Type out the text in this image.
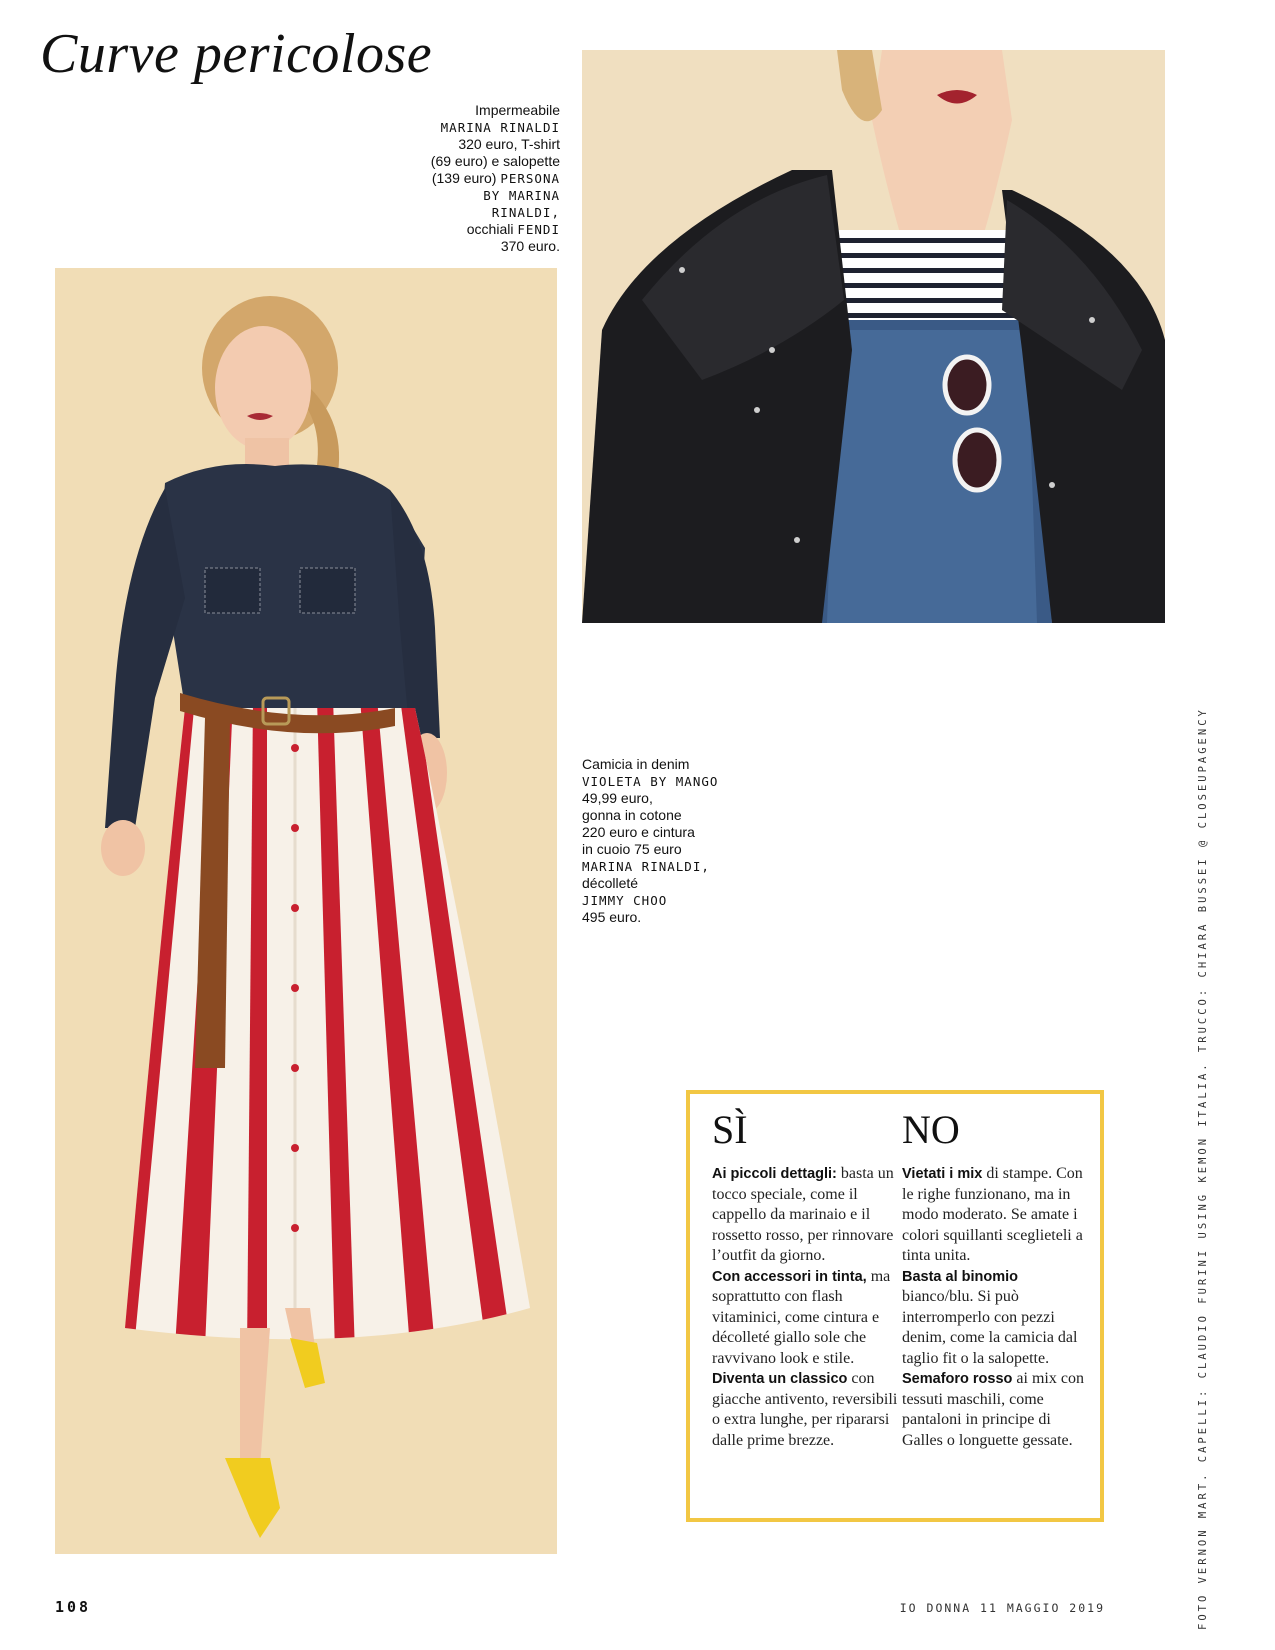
Curve pericolose
Impermeabile
MARINA RINALDI
320 euro, T-shirt
(69 euro) e salopette
(139 euro) PERSONA
BY MARINA RINALDI,
occhiali FENDI
370 euro.
Camicia in denim
VIOLETA BY MANGO
49,99 euro,
gonna in cotone
220 euro e cintura
in cuoio 75 euro
MARINA RINALDI,
décolleté
JIMMY CHOO
495 euro.
SÌ

Ai piccoli dettagli: basta un tocco speciale, come il cappello da marinaio e il rossetto rosso, per rinnovare l’outfit da giorno.
Con accessori in tinta, ma soprattutto con flash vitaminici, come cintura e décolleté giallo sole che ravvivano look e stile.
Diventa un classico con giacche antivento, reversibili o extra lunghe, per ripararsi dalle prime brezze.

NO

Vietati i mix di stampe. Con le righe funzionano, ma in modo moderato. Se amate i colori squillanti sceglieteli a tinta unita.
Basta al binomio bianco/blu. Si può interromperlo con pezzi denim, come la camicia dal taglio fit o la salopette.
Semaforo rosso ai mix con tessuti maschili, come pantaloni in principe di Galles o longuette gessate.

108	IO DONNA 11 MAGGIO 2019	FOTO VERNON MART. CAPELLI: CLAUDIO FURINI USING KEMON ITALIA. TRUCCO: CHIARA BUSSEI @ CLOSEUPAGENCY
